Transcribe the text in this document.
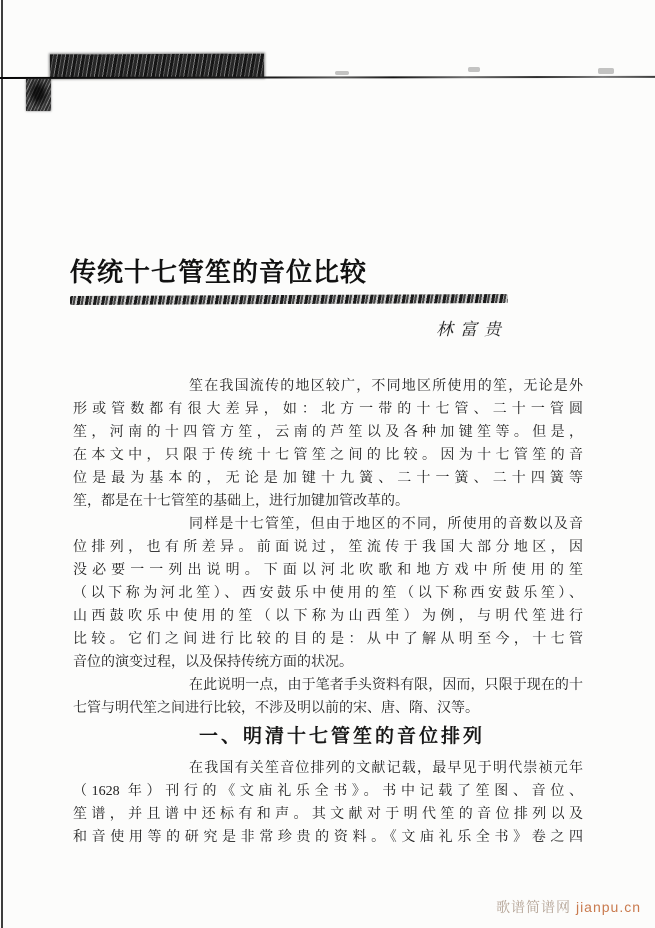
传统十七管笙的音位比较
林富贵
笙在我国流传的地区较广，不同地区所使用的笙，无论是外
形或管数都有很大差异，如：北方一带的十七管、二十一管圆
笙，河南的十四管方笙，云南的芦笙以及各种加键笙等。但是，
在本文中，只限于传统十七管笙之间的比较。因为十七管笙的音
位是最为基本的，无论是加键十九簧、二十一簧、二十四簧等
笙，都是在十七管笙的基础上，进行加键加管改革的。
同样是十七管笙，但由于地区的不同，所使用的音数以及音
位排列，也有所差异。前面说过，笙流传于我国大部分地区，因
没必要一一列出说明。下面以河北吹歌和地方戏中所使用的笙
（以下称为河北笙）、西安鼓乐中使用的笙（以下称西安鼓乐笙）、
山西鼓吹乐中使用的笙（以下称为山西笙）为例，与明代笙进行
比较。它们之间进行比较的目的是：从中了解从明至今，十七管
音位的演变过程，以及保持传统方面的状况。
在此说明一点，由于笔者手头资料有限，因而，只限于现在的十
七管与明代笙之间进行比较，不涉及明以前的宋、唐、隋、汉等。
一、明清十七管笙的音位排列
在我国有关笙音位排列的文献记载，最早见于明代崇祯元年
（1628 年）刊行的《文庙礼乐全书》。书中记载了笙图、音位、
笙谱，并且谱中还标有和声。其文献对于明代笙的音位排列以及
和音使用等的研究是非常珍贵的资料。《文庙礼乐全书》卷之四
歌谱简谱网 jianpu.cn
